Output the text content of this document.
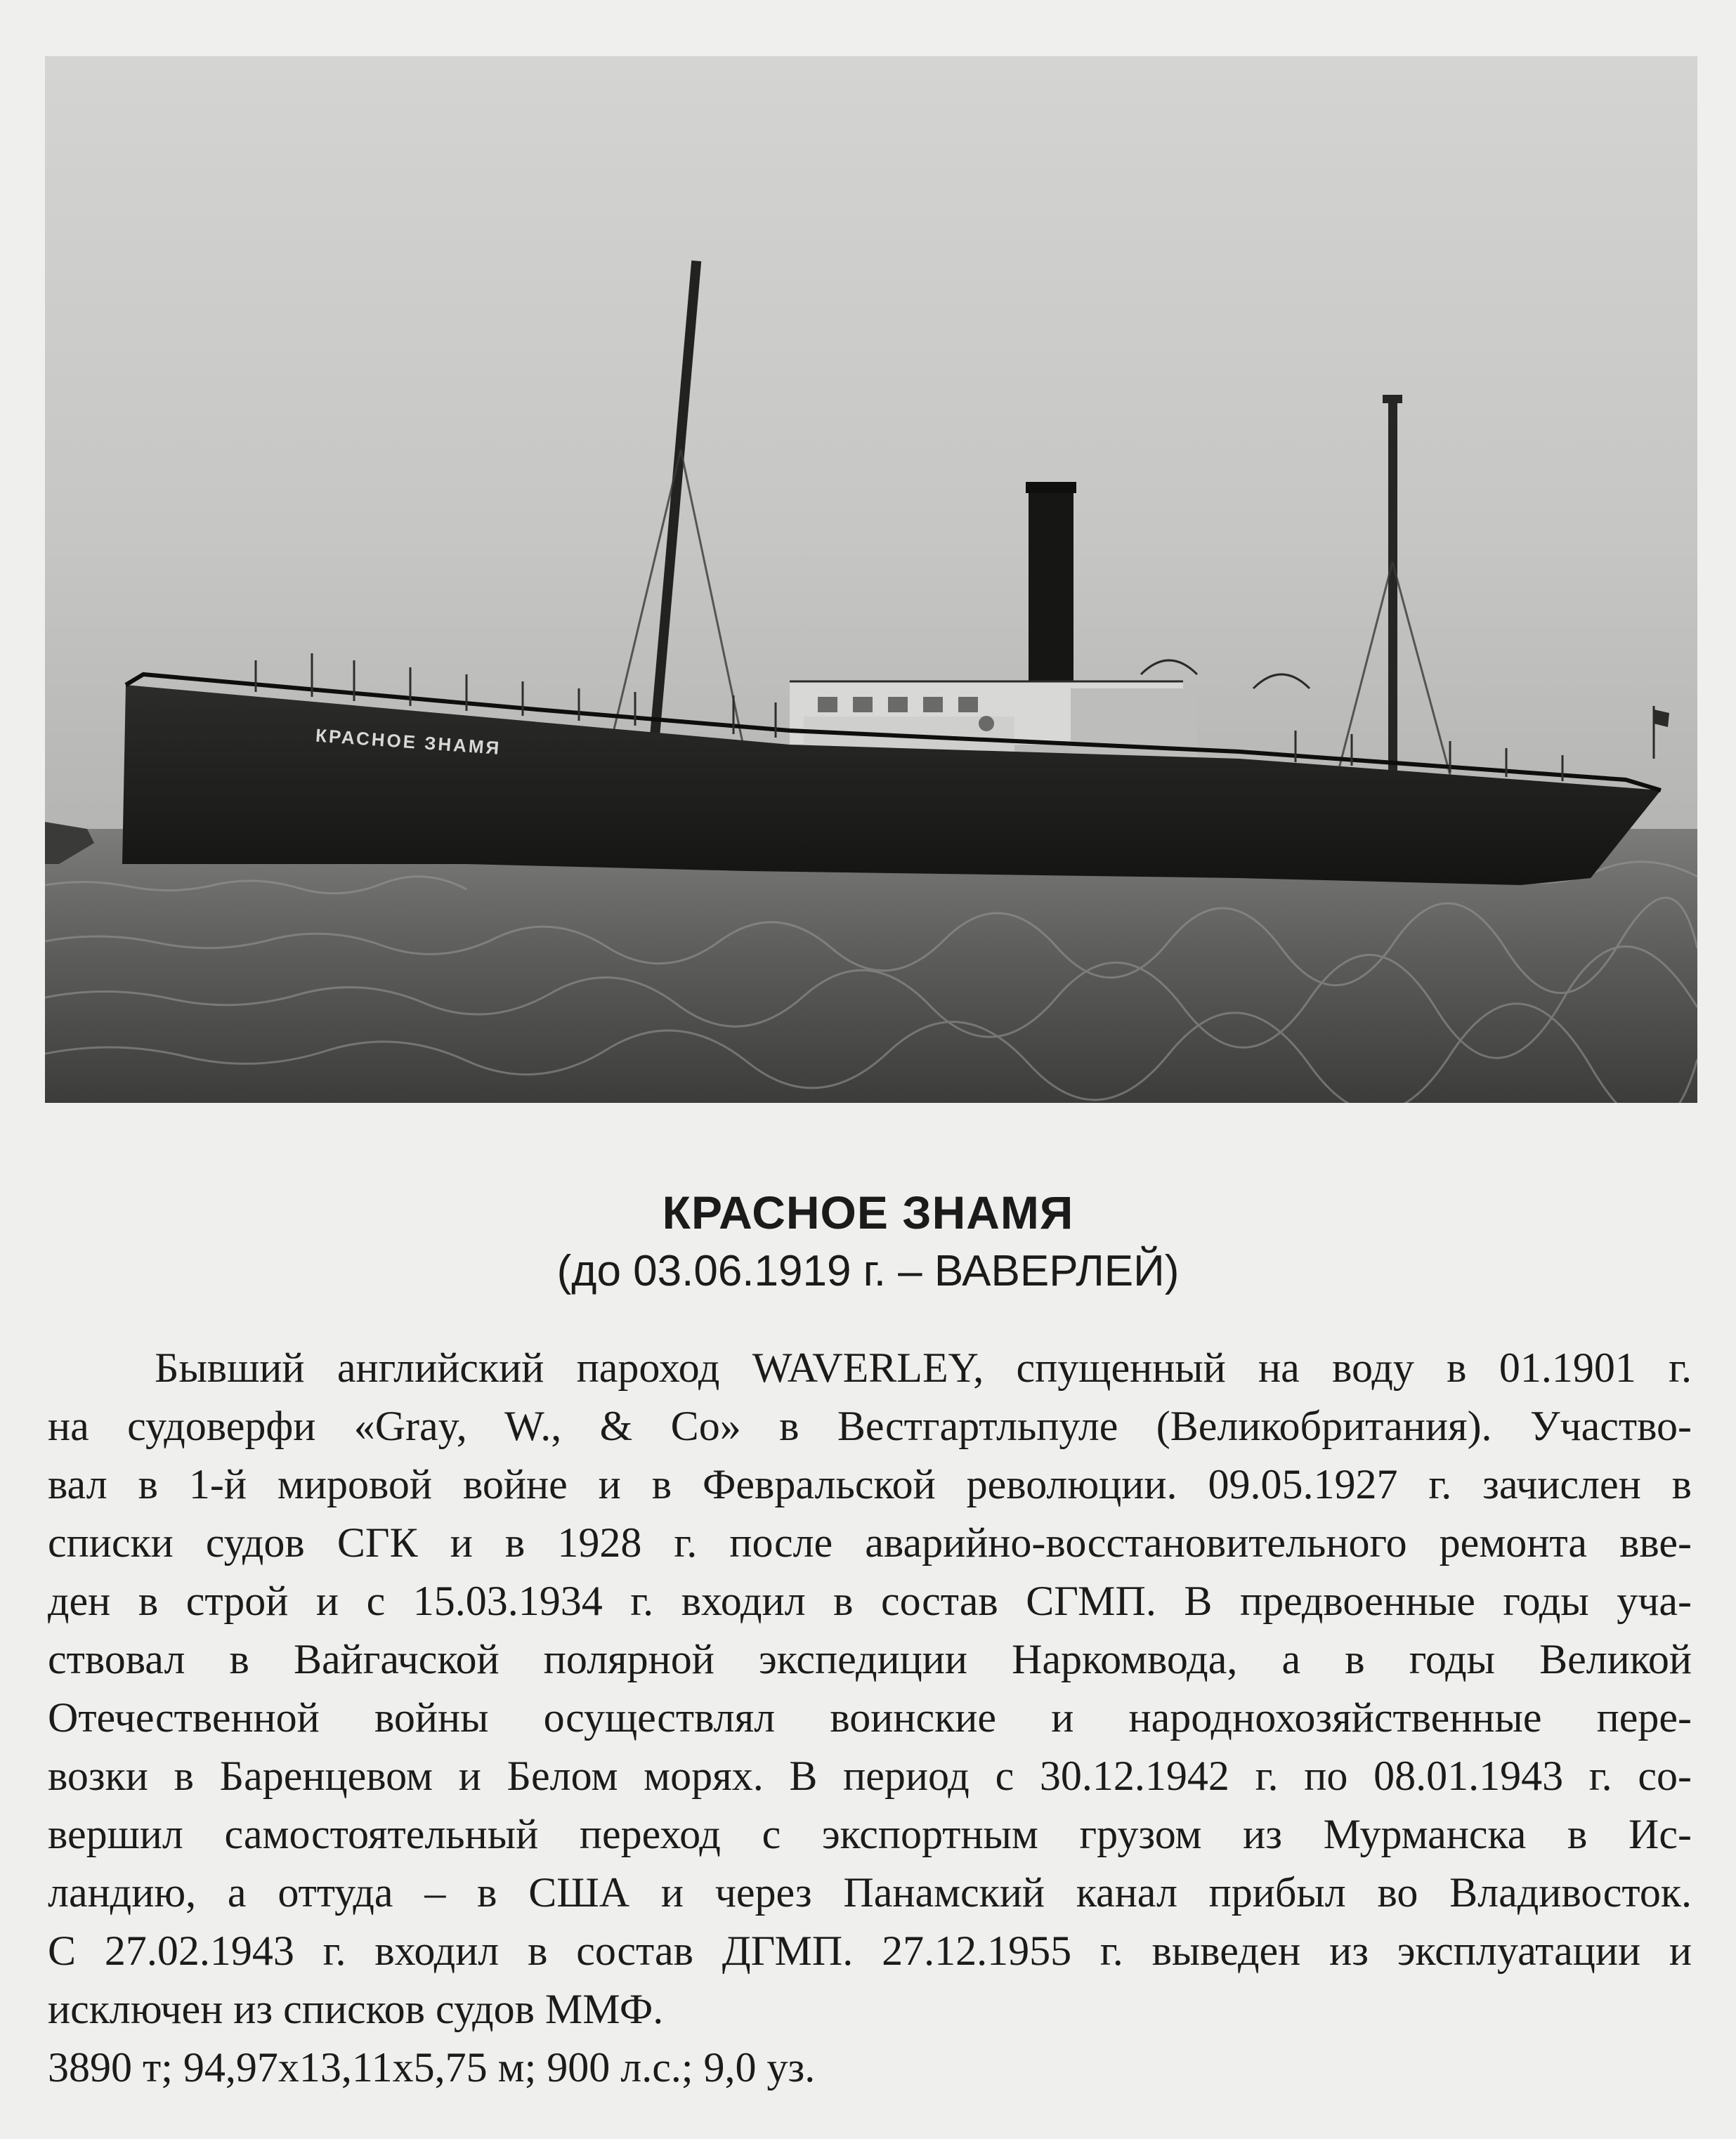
КРАСНОЕ ЗНАМЯ
КРАСНОЕ ЗНАМЯ
(до 03.06.1919 г. – ВАВЕРЛЕЙ)
Бывший английский пароход WAVERLEY, спущенный на воду в 01.1901 г.
на судоверфи «Gray, W., & Co» в Вестгартльпуле (Великобритания). Участво-
вал в 1-й мировой войне и в Февральской революции. 09.05.1927 г. зачислен в
списки судов СГК и в 1928 г. после аварийно-восстановительного ремонта вве-
ден в строй и с 15.03.1934 г. входил в состав СГМП. В предвоенные годы уча-
ствовал в Вайгачской полярной экспедиции Наркомвода, а в годы Великой
Отечественной войны осуществлял воинские и народнохозяйственные пере-
возки в Баренцевом и Белом морях. В период с 30.12.1942 г. по 08.01.1943 г. со-
вершил самостоятельный переход с экспортным грузом из Мурманска в Ис-
ландию, а оттуда – в США и через Панамский канал прибыл во Владивосток.
С 27.02.1943 г. входил в состав ДГМП. 27.12.1955 г. выведен из эксплуатации и
исключен из списков судов ММФ.
3890 т; 94,97х13,11х5,75 м; 900 л.с.; 9,0 уз.
